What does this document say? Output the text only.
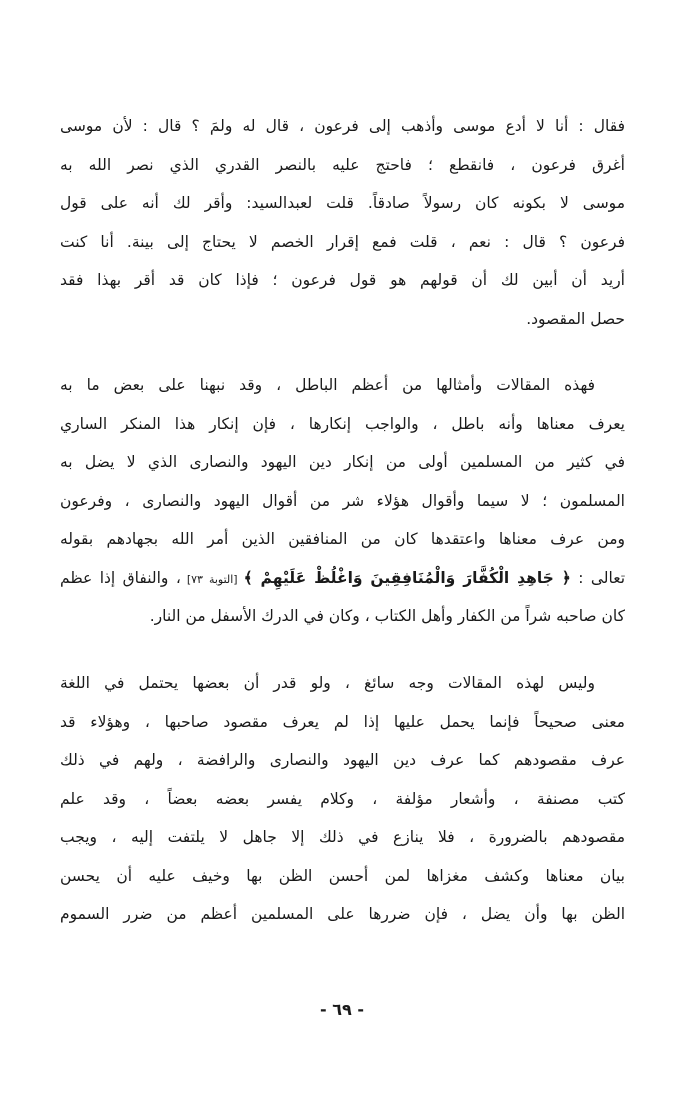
فقال : أنا لا أدع موسى وأذهب إلى فرعون ، قال له ولمَ ؟ قال : لأن موسى
أغرق فرعون ، فانقطع ؛ فاحتج عليه بالنصر القدري الذي نصر الله به
موسى لا بكونه كان رسولاً صادقاً. قلت لعبدالسيد: وأقر لك أنه على قول
فرعون ؟ قال : نعم ، قلت فمع إقرار الخصم لا يحتاج إلى بينة. أنا كنت
أريد أن أبين لك أن قولهم هو قول فرعون ؛ فإذا كان قد أقر بهذا فقد
حصل المقصود.
فهذه المقالات وأمثالها من أعظم الباطل ، وقد نبهنا على بعض ما به
يعرف معناها وأنه باطل ، والواجب إنكارها ، فإن إنكار هذا المنكر الساري
في كثير من المسلمين أولى من إنكار دين اليهود والنصارى الذي لا يضل به
المسلمون ؛ لا سيما وأقوال هؤلاء شر من أقوال اليهود والنصارى ، وفرعون
ومن عرف معناها واعتقدها كان من المنافقين الذين أمر الله بجهادهم بقوله
تعالى : ﴿ جَاهِدِ الْكُفَّارَ وَالْمُنَافِقِينَ وَاغْلُظْ عَلَيْهِمْ ﴾ [التوبة ٧٣] ، والنفاق إذا عظم
كان صاحبه شراً من الكفار وأهل الكتاب ، وكان في الدرك الأسفل من النار.
وليس لهذه المقالات وجه سائغ ، ولو قدر أن بعضها يحتمل في اللغة
معنى صحيحاً فإنما يحمل عليها إذا لم يعرف مقصود صاحبها ، وهؤلاء قد
عرف مقصودهم كما عرف دين اليهود والنصارى والرافضة ، ولهم في ذلك
كتب مصنفة ، وأشعار مؤلفة ، وكلام يفسر بعضه بعضاً ، وقد علم
مقصودهم بالضرورة ، فلا ينازع في ذلك إلا جاهل لا يلتفت إليه ، ويجب
بيان معناها وكشف مغزاها لمن أحسن الظن بها وخيف عليه أن يحسن
الظن بها وأن يضل ، فإن ضررها على المسلمين أعظم من ضرر السموم
- ٦٩ -
